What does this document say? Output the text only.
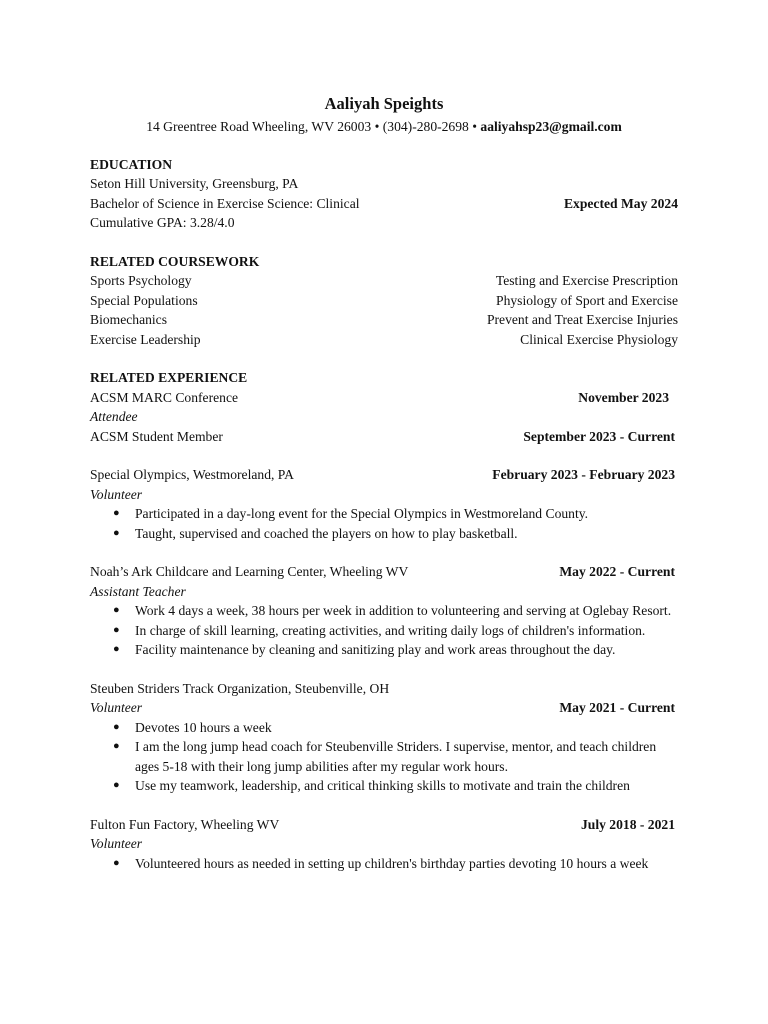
Aaliyah Speights
14 Greentree Road Wheeling, WV 26003 • (304)-280-2698 • aaliyahsp23@gmail.com
EDUCATION
Seton Hill University, Greensburg, PA
Bachelor of Science in Exercise Science: Clinical	Expected May 2024
Cumulative GPA: 3.28/4.0
RELATED COURSEWORK
Sports Psychology	Testing and Exercise Prescription
Special Populations	Physiology of Sport and Exercise
Biomechanics	Prevent and Treat Exercise Injuries
Exercise Leadership	Clinical Exercise Physiology
RELATED EXPERIENCE
ACSM MARC Conference	November 2023
Attendee
ACSM Student Member	September 2023 - Current
Special Olympics, Westmoreland, PA	February 2023 - February 2023
Volunteer
● Participated in a day-long event for the Special Olympics in Westmoreland County.
● Taught, supervised and coached the players on how to play basketball.
Noah’s Ark Childcare and Learning Center, Wheeling WV	May 2022 - Current
Assistant Teacher
● Work 4 days a week, 38 hours per week in addition to volunteering and serving at Oglebay Resort.
● In charge of skill learning, creating activities, and writing daily logs of children's information.
● Facility maintenance by cleaning and sanitizing play and work areas throughout the day.
Steuben Striders Track Organization, Steubenville, OH
Volunteer	May 2021 - Current
● Devotes 10 hours a week
● I am the long jump head coach for Steubenville Striders. I supervise, mentor, and teach children ages 5-18 with their long jump abilities after my regular work hours.
● Use my teamwork, leadership, and critical thinking skills to motivate and train the children
Fulton Fun Factory, Wheeling WV	July 2018 - 2021
Volunteer
● Volunteered hours as needed in setting up children's birthday parties devoting 10 hours a week
